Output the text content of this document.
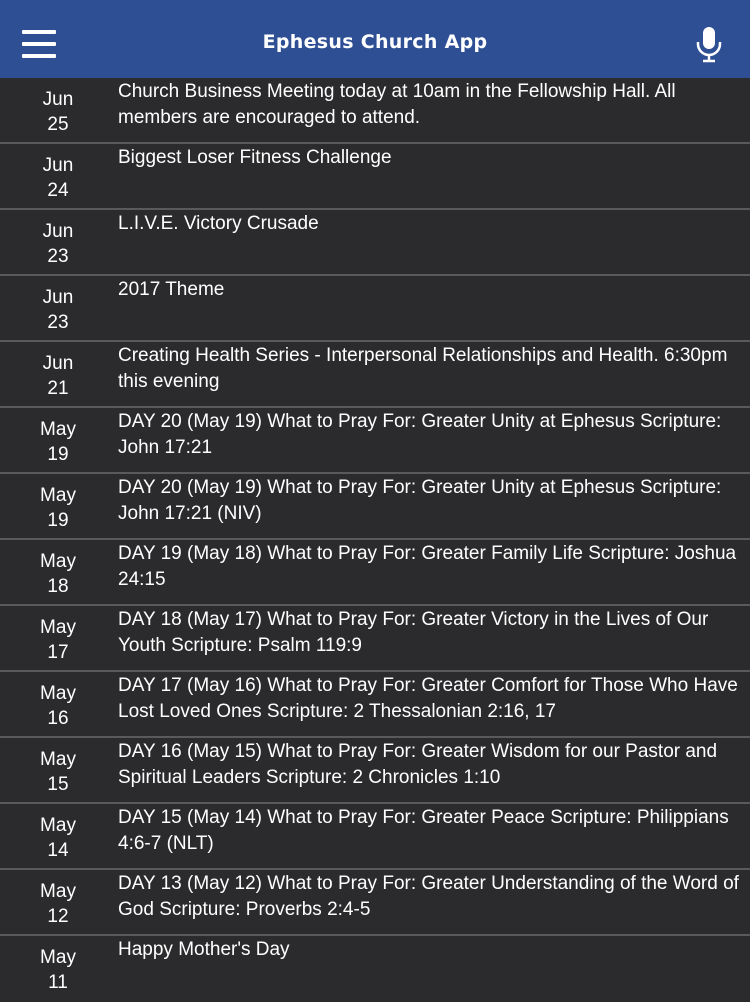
Ephesus Church App
Jun
25
Church Business Meeting today at 10am in the Fellowship Hall. All members are encouraged to attend.
Jun
24
Biggest Loser Fitness Challenge
Jun
23
L.I.V.E. Victory Crusade
Jun
23
2017 Theme
Jun
21
Creating Health Series - Interpersonal Relationships and Health. 6:30pm this evening
May
19
DAY 20 (May 19) What to Pray For: Greater Unity at Ephesus Scripture: John 17:21
May
19
DAY 20 (May 19) What to Pray For: Greater Unity at Ephesus Scripture: John 17:21 (NIV)
May
18
DAY 19 (May 18) What to Pray For: Greater Family Life Scripture: Joshua 24:15
May
17
DAY 18 (May 17) What to Pray For: Greater Victory in the Lives of Our Youth Scripture: Psalm 119:9
May
16
DAY 17 (May 16) What to Pray For: Greater Comfort for Those Who Have Lost Loved Ones Scripture: 2 Thessalonian 2:16, 17
May
15
DAY 16 (May 15) What to Pray For: Greater Wisdom for our Pastor and Spiritual Leaders Scripture: 2 Chronicles 1:10
May
14
DAY 15 (May 14) What to Pray For: Greater Peace Scripture: Philippians 4:6-7 (NLT)
May
12
DAY 13 (May 12) What to Pray For: Greater Understanding of the Word of God Scripture: Proverbs 2:4-5
May
11
Happy Mother's Day
